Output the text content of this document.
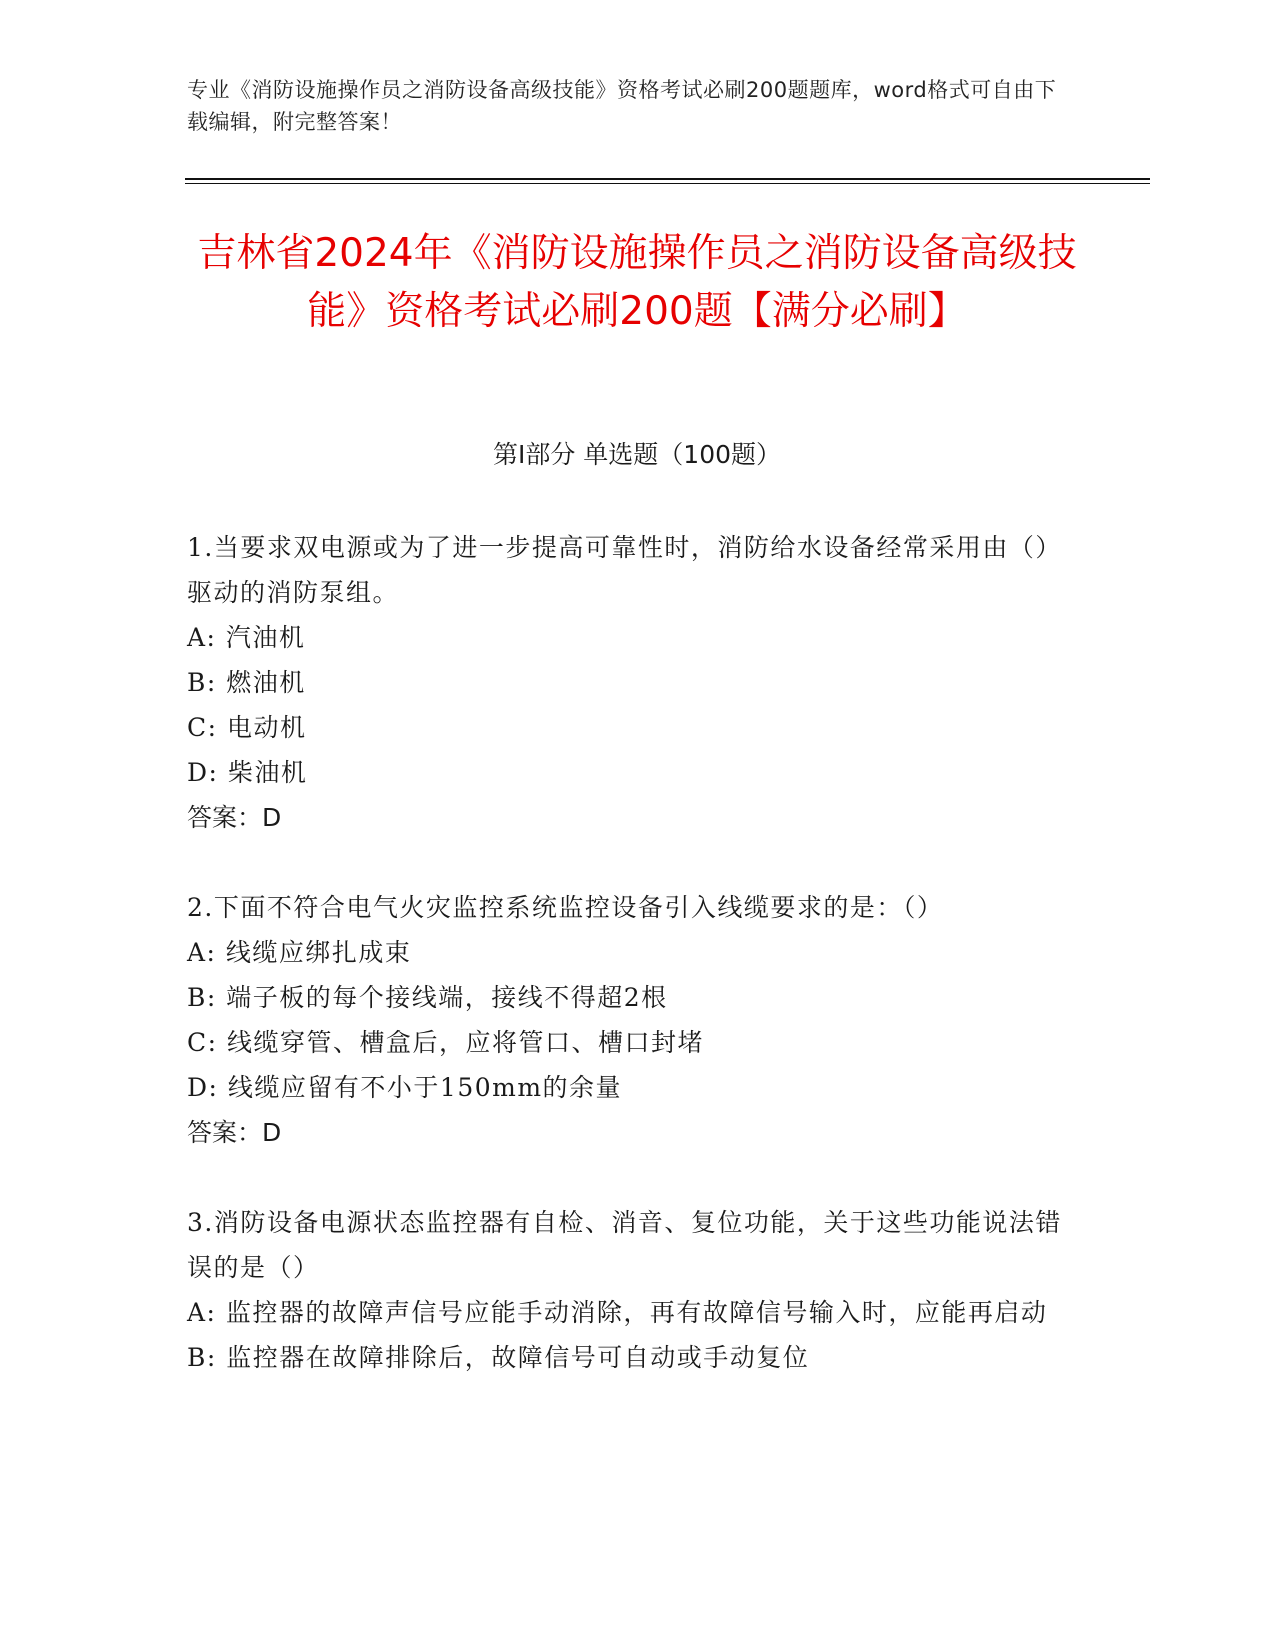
专业《消防设施操作员之消防设备高级技能》资格考试必刷200题题库，word格式可自由下载编辑，附完整答案！
吉林省2024年《消防设施操作员之消防设备高级技能》资格考试必刷200题【满分必刷】
第I部分 单选题（100题）
1.当要求双电源或为了进一步提高可靠性时，消防给水设备经常采用由（）驱动的消防泵组。
A: 汽油机
B: 燃油机
C: 电动机
D: 柴油机
答案：D
2.下面不符合电气火灾监控系统监控设备引入线缆要求的是：（）
A: 线缆应绑扎成束
B: 端子板的每个接线端，接线不得超2根
C: 线缆穿管、槽盒后，应将管口、槽口封堵
D: 线缆应留有不小于150mm的余量
答案：D
3.消防设备电源状态监控器有自检、消音、复位功能，关于这些功能说法错误的是（）
A: 监控器的故障声信号应能手动消除，再有故障信号输入时，应能再启动
B: 监控器在故障排除后，故障信号可自动或手动复位
